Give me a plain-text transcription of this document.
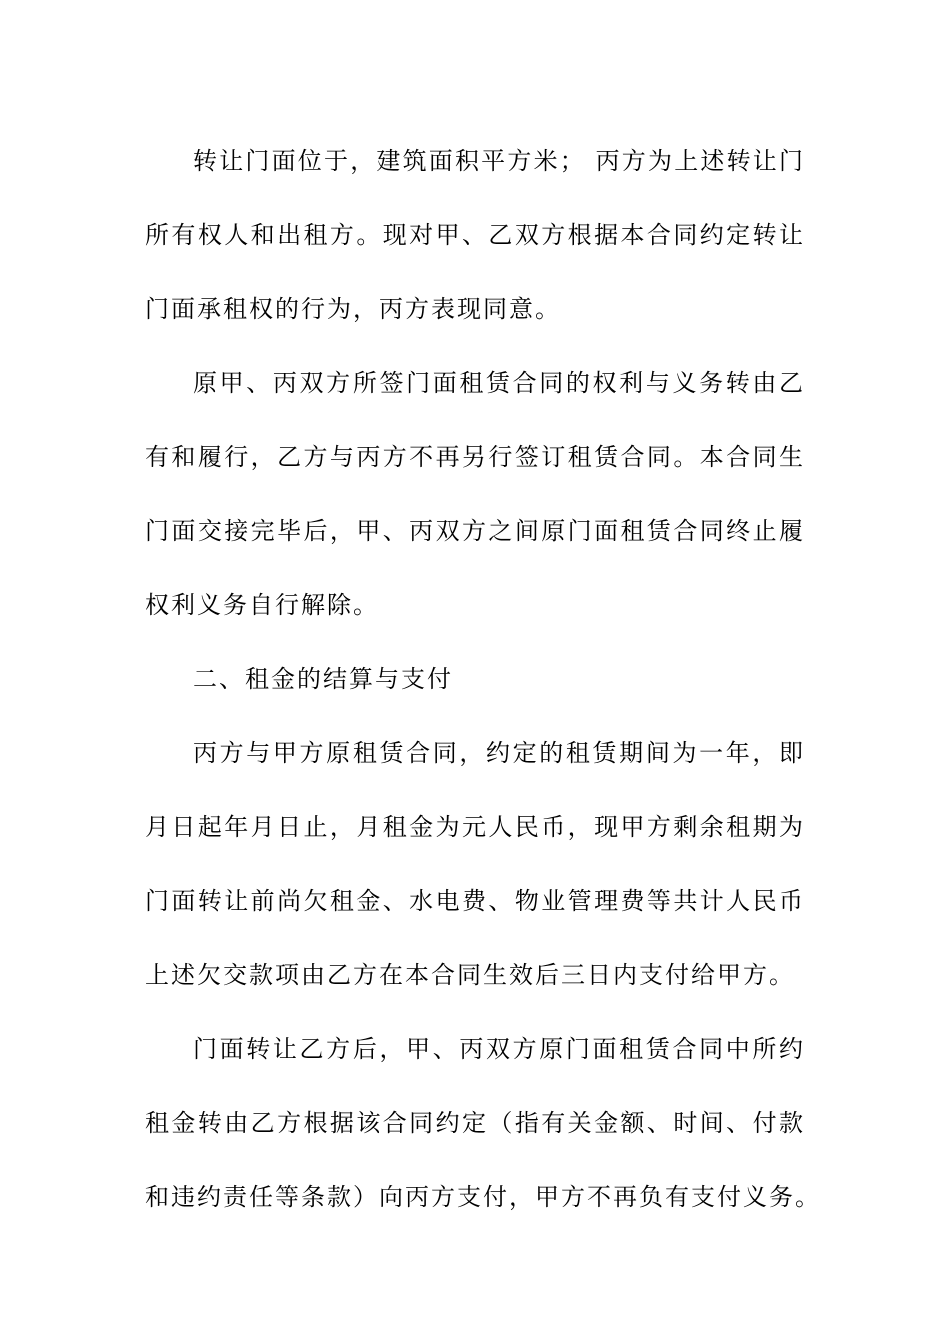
转让门面位于，建筑面积平方米； 丙方为上述转让门
所有权人和出租方。现对甲、乙双方根据本合同约定转让
门面承租权的行为，丙方表现同意。
原甲、丙双方所签门面租赁合同的权利与义务转由乙
有和履行，乙方与丙方不再另行签订租赁合同。本合同生
门面交接完毕后，甲、丙双方之间原门面租赁合同终止履
权利义务自行解除。
二、租金的结算与支付
丙方与甲方原租赁合同，约定的租赁期间为一年，即
月日起年月日止，月租金为元人民币，现甲方剩余租期为
门面转让前尚欠租金、水电费、物业管理费等共计人民币
上述欠交款项由乙方在本合同生效后三日内支付给甲方。
门面转让乙方后，甲、丙双方原门面租赁合同中所约
租金转由乙方根据该合同约定（指有关金额、时间、付款
和违约责任等条款）向丙方支付，甲方不再负有支付义务。
